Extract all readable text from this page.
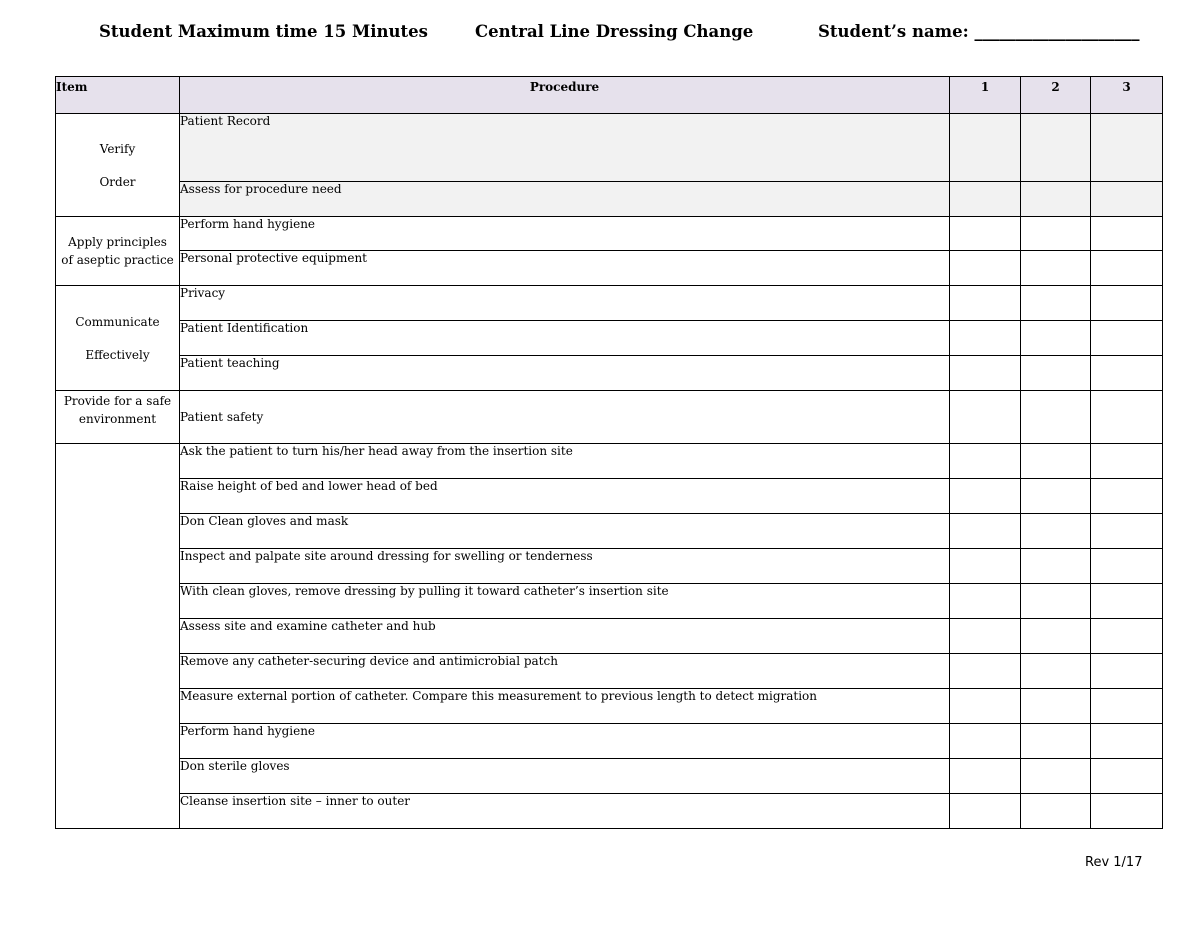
Student Maximum time 15 Minutes	Central Line Dressing Change	Student’s name: ____________________
Item	Procedure	1	2	3
Verify
Order	Patient Record			
	Assess for procedure need			
Apply principles
of aseptic practice	Perform hand hygiene			
	Personal protective equipment			
Communicate
Effectively	Privacy			
	Patient Identification			
	Patient teaching			
Provide for a safe
environment	Patient safety			
	Ask the patient to turn his/her head away from the insertion site			
	Raise height of bed and lower head of bed			
	Don Clean gloves and mask			
	Inspect and palpate site around dressing for swelling or tenderness			
	With clean gloves, remove dressing by pulling it toward catheter’s insertion site			
	Assess site and examine catheter and hub			
	Remove any catheter-securing device and antimicrobial patch			
	Measure external portion of catheter. Compare this measurement to previous length to detect migration			
	Perform hand hygiene			
	Don sterile gloves			
	Cleanse insertion site – inner to outer			
Rev 1/17
